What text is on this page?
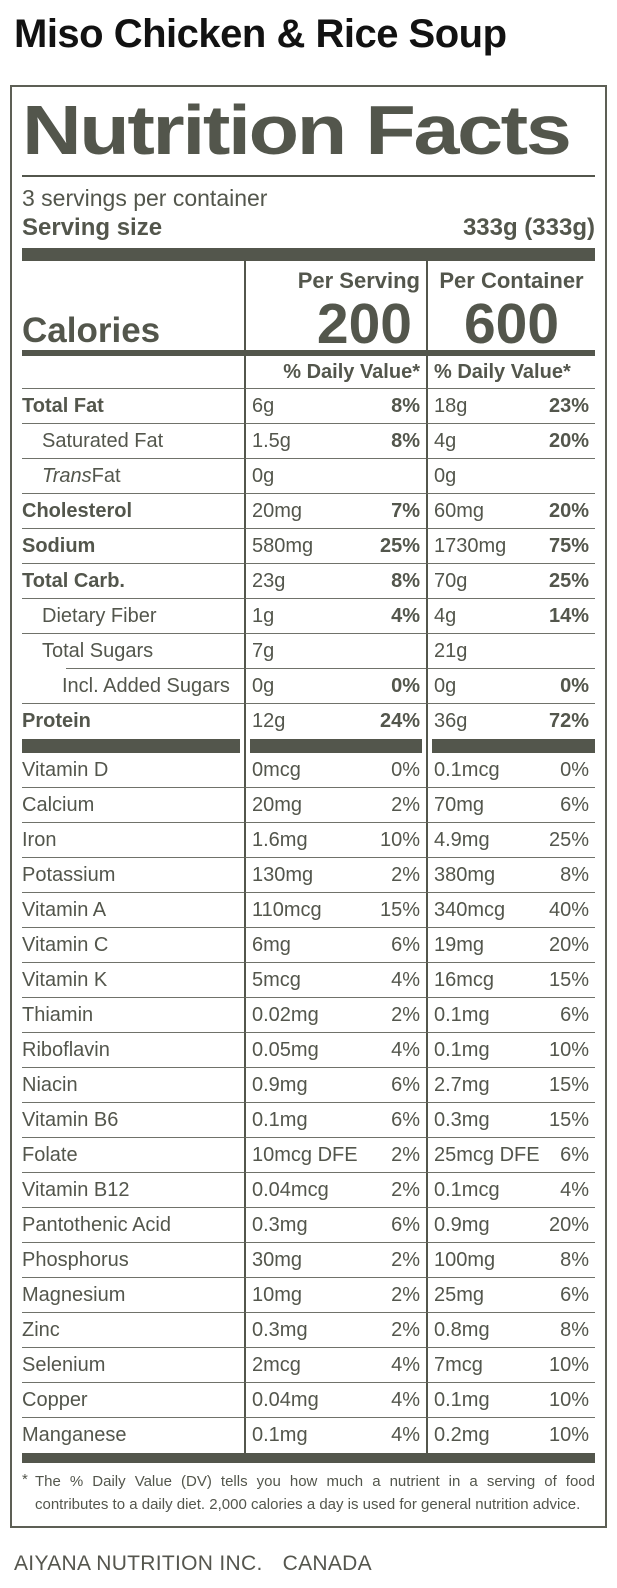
Miso Chicken & Rice Soup
Nutrition Facts
3 servings per container
Serving size	333g (333g)
Per Serving Per Container
Calories	200 600
% Daily Value* % Daily Value*
Total Fat	6g	8% 18g	23%
Saturated Fat	1.5g	8% 4g	20%
Trans Fat	0g	0g
Cholesterol	20mg	7% 60mg	20%
Sodium	580mg	25% 1730mg 75%
Total Carb.	23g	8% 70g	25%
Dietary Fiber	1g	4% 4g	14%
Total Sugars	7g	21g
Incl. Added Sugars	0g	0% 0g	0%
Protein	12g	24% 36g	72%
Vitamin D	0mcg	0% 0.1mcg	0%
Calcium	20mg	2% 70mg	6%
Iron	1.6mg	10% 4.9mg	25%
Potassium	130mg	2% 380mg	8%
Vitamin A	110mcg	15% 340mcg 40%
Vitamin C	6mg	6% 19mg	20%
Vitamin K	5mcg	4% 16mcg	15%
Thiamin	0.02mg	2% 0.1mg	6%
Riboflavin	0.05mg	4% 0.1mg	10%
Niacin	0.9mg	6% 2.7mg	15%
Vitamin B6	0.1mg	6% 0.3mg	15%
Folate	10mcg DFE 2% 25mcg DFE 6%
Vitamin B12	0.04mcg	2% 0.1mcg	4%
Pantothenic Acid	0.3mg	6% 0.9mg	20%
Phosphorus	30mg	2% 100mg	8%
Magnesium	10mg	2% 25mg	6%
Zinc	0.3mg	2% 0.8mg	8%
Selenium	2mcg	4% 7mcg	10%
Copper	0.04mg	4% 0.1mg	10%
Manganese	0.1mg	4% 0.2mg	10%
* The % Daily Value (DV) tells you how much a nutrient in a serving of food contributes to a daily diet. 2,000 calories a day is used for general nutrition advice.

AIYANA NUTRITION INC. CANADA
